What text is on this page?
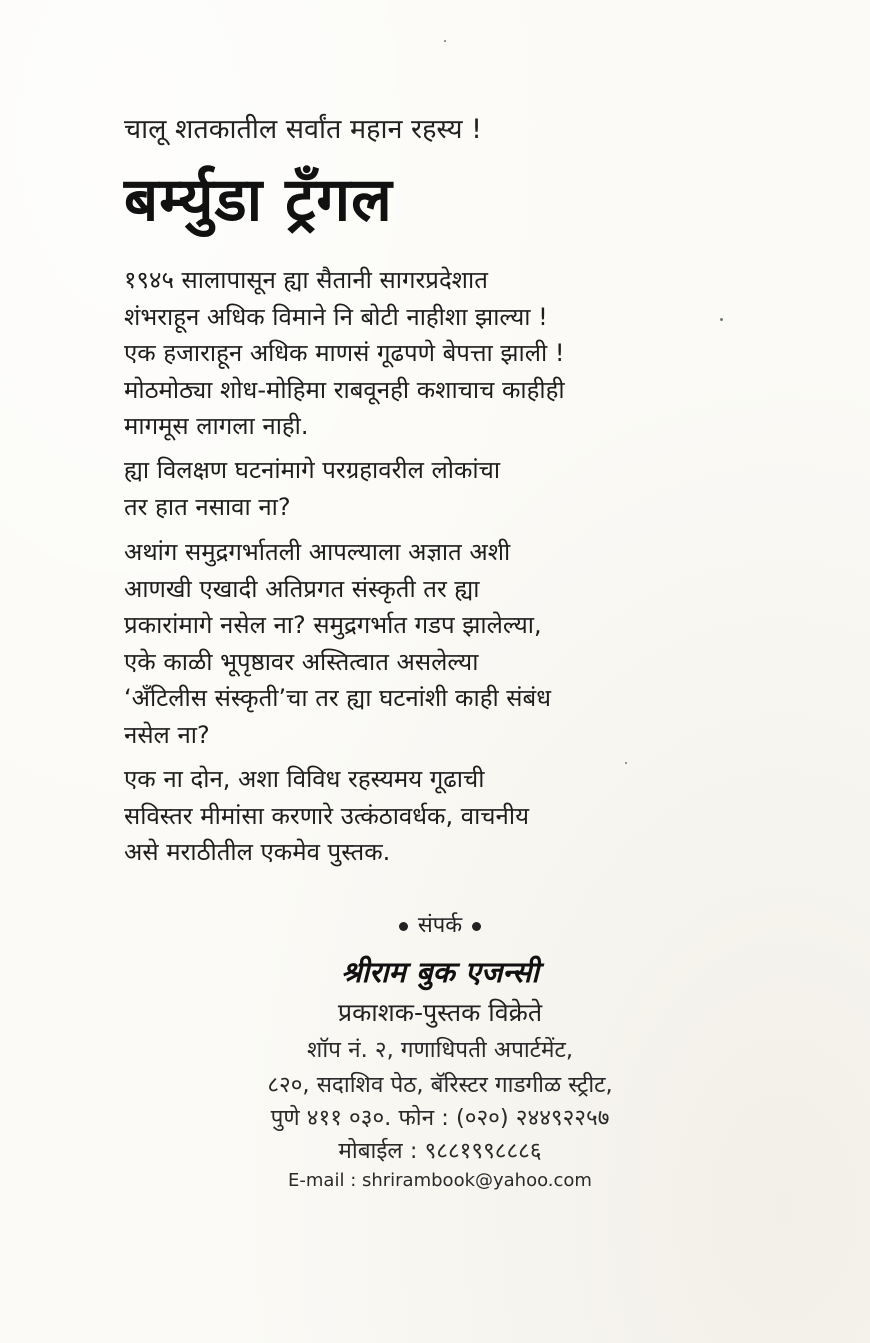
चालू शतकातील सर्वांत महान रहस्य !
बर्म्युडा ट्रँगल
१९४५ सालापासून ह्या सैतानी सागरप्रदेशात
शंभराहून अधिक विमाने नि बोटी नाहीशा झाल्या !
एक हजाराहून अधिक माणसं गूढपणे बेपत्ता झाली !
मोठमोठ्या शोध-मोहिमा राबवूनही कशाचाच काहीही
मागमूस लागला नाही.
ह्या विलक्षण घटनांमागे परग्रहावरील लोकांचा
तर हात नसावा ना?
अथांग समुद्रगर्भातली आपल्याला अज्ञात अशी
आणखी एखादी अतिप्रगत संस्कृती तर ह्या
प्रकारांमागे नसेल ना? समुद्रगर्भात गडप झालेल्या,
एके काळी भूपृष्ठावर अस्तित्वात असलेल्या
‘अँटिलीस संस्कृती’चा तर ह्या घटनांशी काही संबंध
नसेल ना?
एक ना दोन, अशा विविध रहस्यमय गूढाची
सविस्तर मीमांसा करणारे उत्कंठावर्धक, वाचनीय
असे मराठीतील एकमेव पुस्तक.
संपर्क
श्रीराम बुक एजन्सी
प्रकाशक-पुस्तक विक्रेते
शॉप नं. २, गणाधिपती अपार्टमेंट,
८२०, सदाशिव पेठ, बॅरिस्टर गाडगीळ स्ट्रीट,
पुणे ४११ ०३०. फोन : (०२०) २४४९२२५७
मोबाईल : ९८८१९९८८८६
E-mail : shrirambook@yahoo.com
